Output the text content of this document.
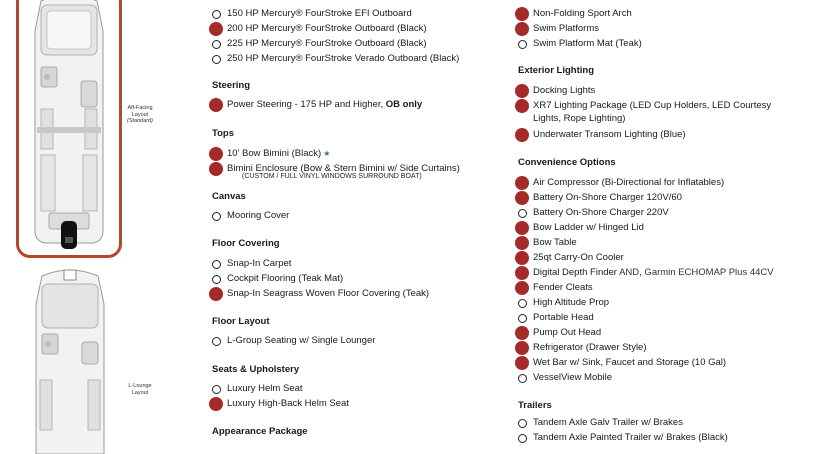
Aft-Facing
Layout
(Standard)
L-Lounge
Layout
150 HP Mercury® FourStroke EFI Outboard
200 HP Mercury® FourStroke Outboard (Black)
225 HP Mercury® FourStroke Outboard (Black)
250 HP Mercury® FourStroke Verado Outboard (Black)
Steering
Power Steering - 175 HP and Higher, OB only
Tops
10' Bow Bimini (Black) ★
Bimini Enclosure (Bow & Stern Bimini w/ Side Curtains)
(CUSTOM / FULL VINYL WINDOWS SURROUND BOAT)
Canvas
Mooring Cover
Floor Covering
Snap-In Carpet
Cockpit Flooring (Teak Mat)
Snap-In Seagrass Woven Floor Covering (Teak)
Floor Layout
L-Group Seating w/ Single Lounger
Seats & Upholstery
Luxury Helm Seat
Luxury High-Back Helm Seat
Appearance Package
Non-Folding Sport Arch
Swim Platforms
Swim Platform Mat (Teak)
Exterior Lighting
Docking Lights
XR7 Lighting Package (LED Cup Holders, LED Courtesy
Lights, Rope Lighting)
Underwater Transom Lighting (Blue)
Convenience Options
Air Compressor (Bi-Directional for Inflatables)
Battery On-Shore Charger 120V/60
Battery On-Shore Charger 220V
Bow Ladder w/ Hinged Lid
Bow Table
25qt Carry-On Cooler
Digital Depth Finder AND, Garmin ECHOMAP Plus 44CV
Fender Cleats
High Altitude Prop
Portable Head
Pump Out Head
Refrigerator (Drawer Style)
Wet Bar w/ Sink, Faucet and Storage (10 Gal)
VesselView Mobile
Trailers
Tandem Axle Galv Trailer w/ Brakes
Tandem Axle Painted Trailer w/ Brakes (Black)
